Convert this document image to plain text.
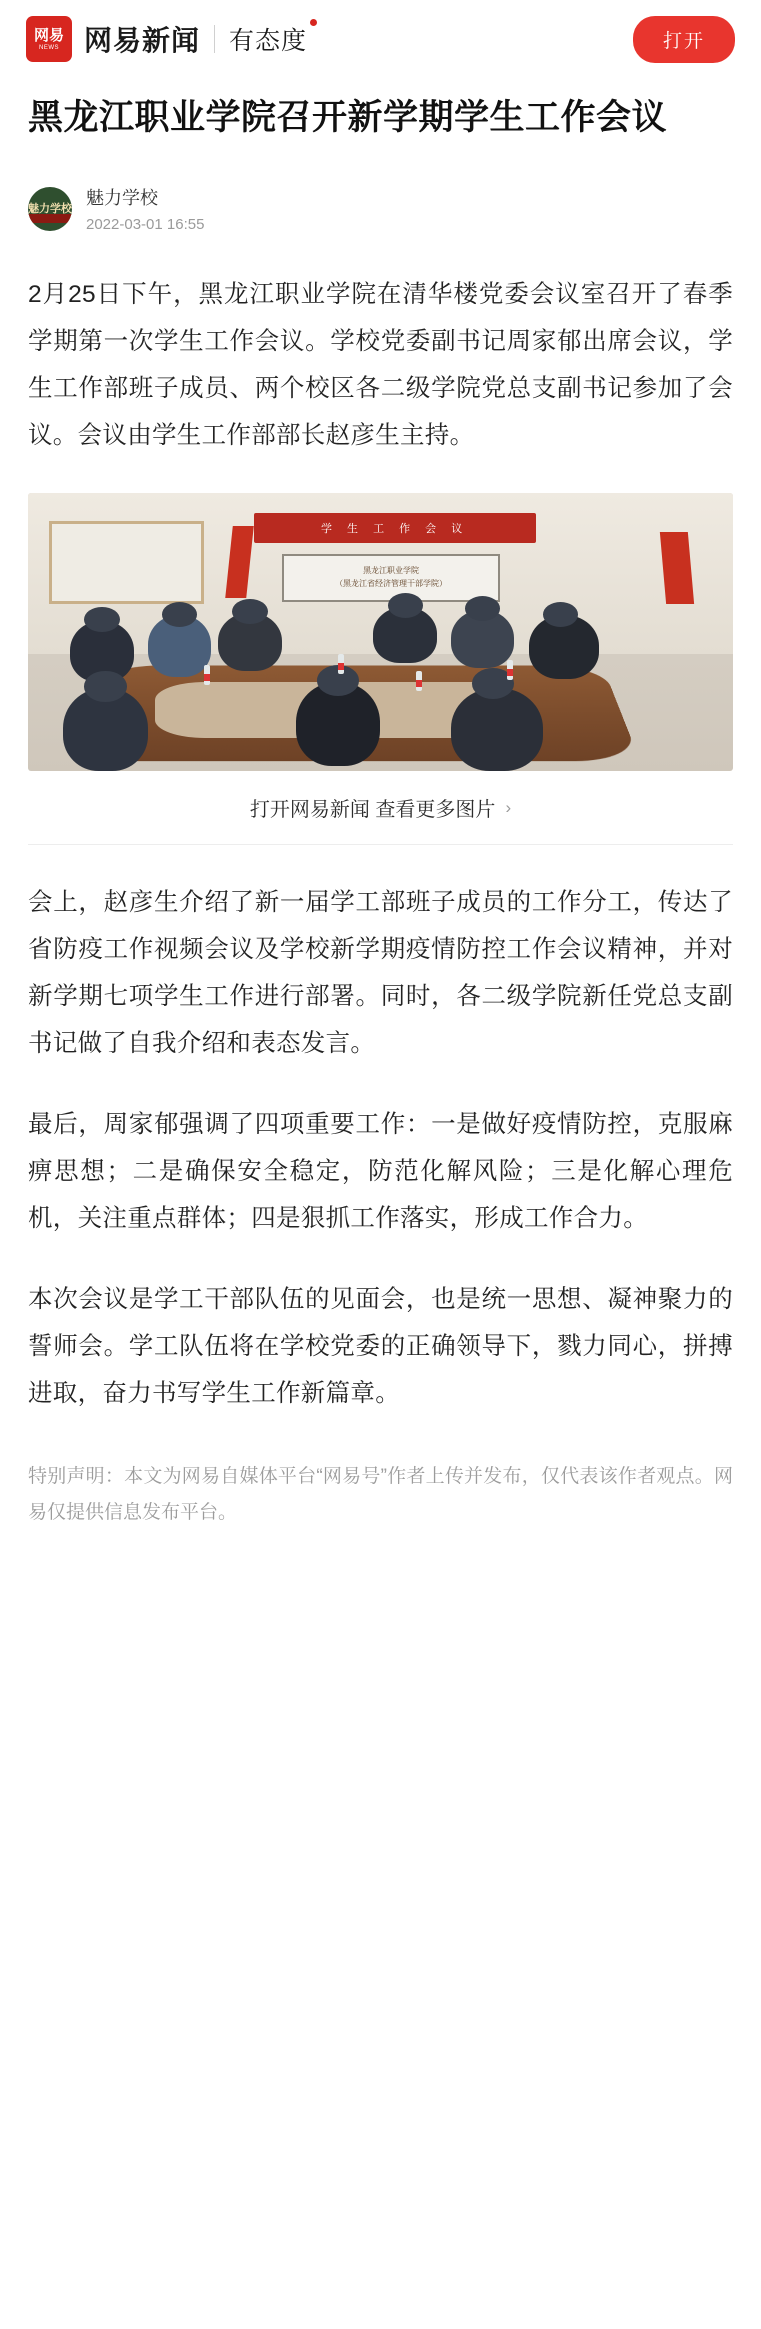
网易
NEWS 网易新闻 有态度	打开
黑龙江职业学院召开新学期学生工作会议
魅力学校
魅力学校
2022-03-01 16:55

2月25日下午，黑龙江职业学院在清华楼党委会议室召开了春季学期第一次学生工作会议。学校党委副书记周家郁出席会议，学生工作部班子成员、两个校区各二级学院党总支副书记参加了会议。会议由学生工作部部长赵彦生主持。

学 生 工 作 会 议
黑龙江职业学院
（黑龙江省经济管理干部学院）
打开网易新闻 查看更多图片 ›

会上，赵彦生介绍了新一届学工部班子成员的工作分工，传达了省防疫工作视频会议及学校新学期疫情防控工作会议精神，并对新学期七项学生工作进行部署。同时，各二级学院新任党总支副书记做了自我介绍和表态发言。

最后，周家郁强调了四项重要工作：一是做好疫情防控，克服麻痹思想；二是确保安全稳定，防范化解风险；三是化解心理危机，关注重点群体；四是狠抓工作落实，形成工作合力。

本次会议是学工干部队伍的见面会，也是统一思想、凝神聚力的誓师会。学工队伍将在学校党委的正确领导下，戮力同心，拼搏进取，奋力书写学生工作新篇章。

特别声明：本文为网易自媒体平台“网易号”作者上传并发布，仅代表该作者观点。网易仅提供信息发布平台。
